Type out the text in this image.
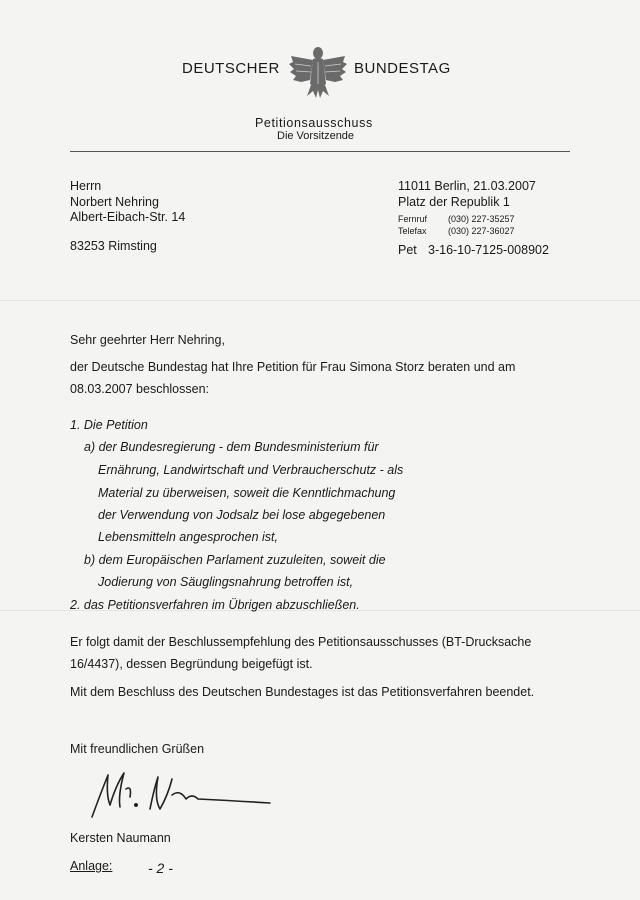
DEUTSCHER	BUNDESTAG
Petitionsausschuss
Die Vorsitzende
Herrn
Norbert Nehring
Albert-Eibach-Str. 14
83253 Rimsting
11011 Berlin, 21.03.2007
Platz der Republik 1
Fernruf (030) 227-35257
Telefax (030) 227-36027
Pet 3-16-10-7125-008902
Sehr geehrter Herr Nehring,
der Deutsche Bundestag hat Ihre Petition für Frau Simona Storz beraten und am
08.03.2007 beschlossen:
1. Die Petition
a) der Bundesregierung - dem Bundesministerium für
Ernährung, Landwirtschaft und Verbraucherschutz - als
Material zu überweisen, soweit die Kenntlichmachung
der Verwendung von Jodsalz bei lose abgegebenen
Lebensmitteln angesprochen ist,
b) dem Europäischen Parlament zuzuleiten, soweit die
Jodierung von Säuglingsnahrung betroffen ist,
2. das Petitionsverfahren im Übrigen abzuschließen.
Er folgt damit der Beschlussempfehlung des Petitionsausschusses (BT-Drucksache
16/4437), dessen Begründung beigefügt ist.
Mit dem Beschluss des Deutschen Bundestages ist das Petitionsverfahren beendet.
Mit freundlichen Grüßen
Kersten Naumann
Anlage:	- 2 -
